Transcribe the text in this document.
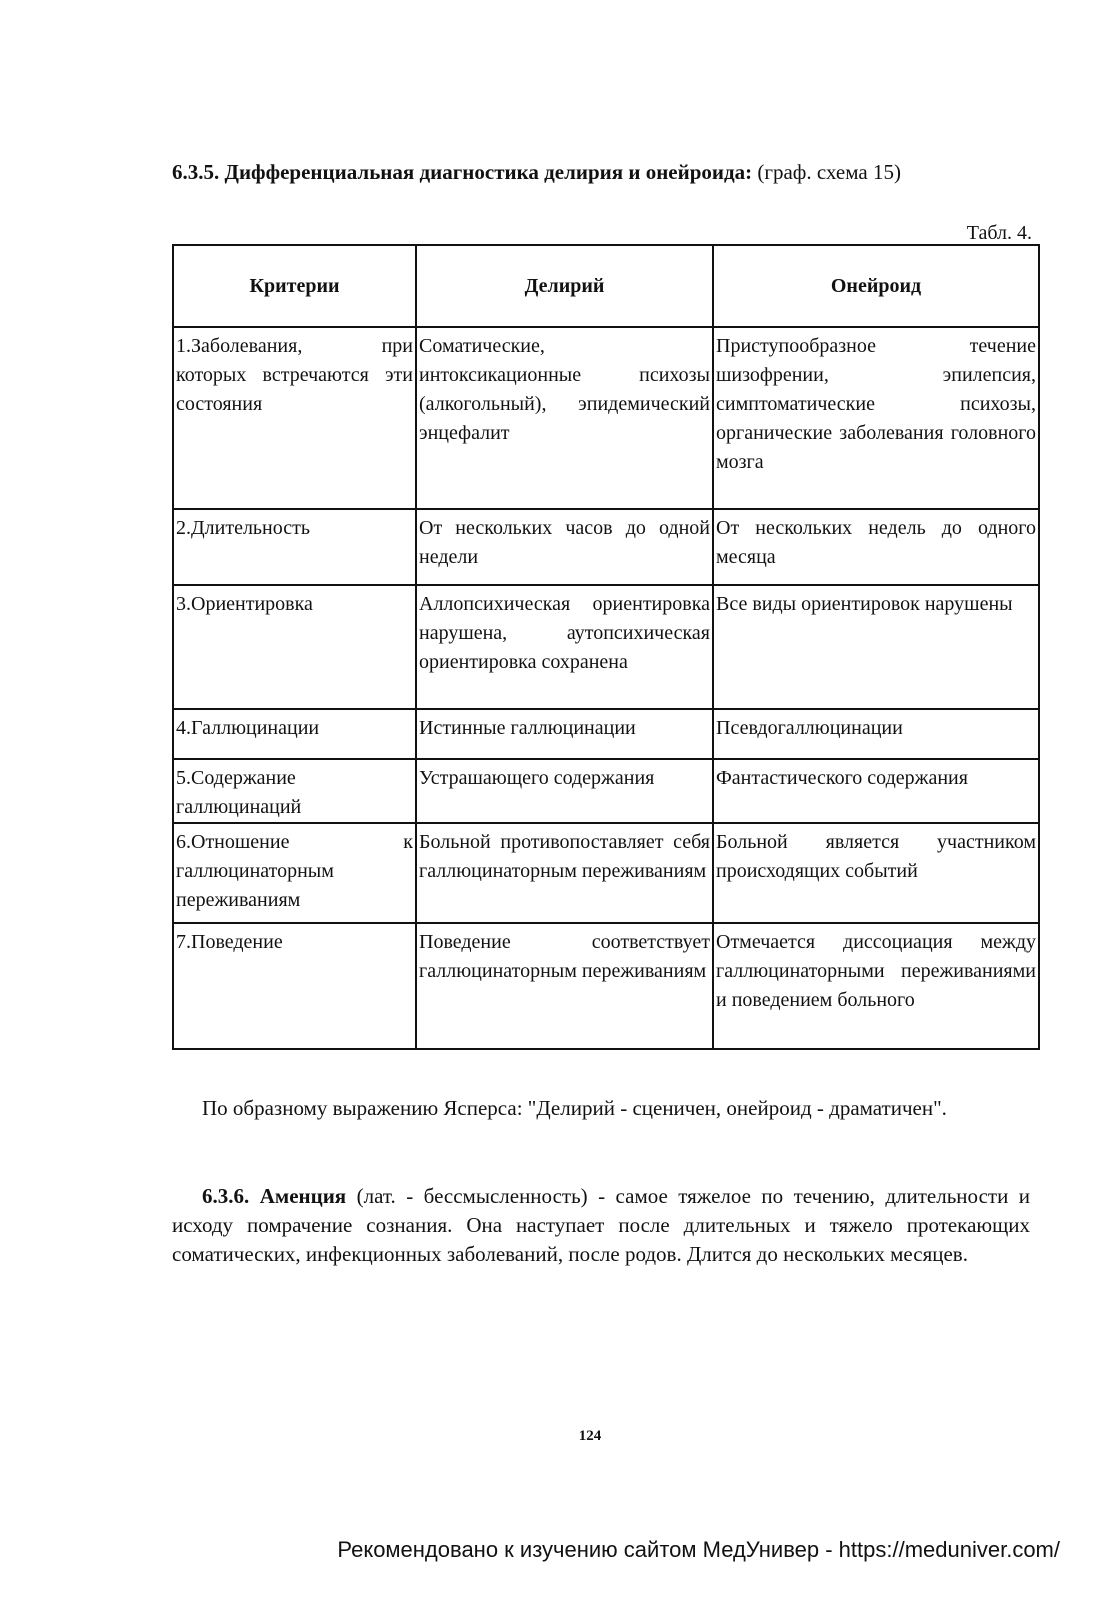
6.3.5. Дифференциальная диагностика делирия и онейроида: (граф. схема 15)
Табл. 4.
Критерии	Делирий	Онейроид

1.Заболевания, при которых встречаются эти состояния	Соматические, интоксикационные психозы (алкогольный), эпидемический энцефалит	Приступообразное течение шизофрении, эпилепсия, симптоматические психозы, органические заболевания головного мозга

2.Длительность	От нескольких часов до одной недели	От нескольких недель до одного месяца

3.Ориентировка	Аллопсихическая ориентировка нарушена, аутопсихическая ориентировка сохранена	Все виды ориентировок нарушены

4.Галлюцинации	Истинные галлюцинации	Псевдогаллюцинации

5.Содержание галлюцинаций	Устрашающего содержания	Фантастического содержания

6.Отношение к галлюцинаторным переживаниям	Больной противопоставляет себя галлюцинаторным переживаниям	Больной является участником происходящих событий

7.Поведение	Поведение соответствует галлюцинаторным переживаниям	Отмечается диссоциация между галлюцинаторными переживаниями и поведением больного
По образному выражению Ясперса: "Делирий - сценичен, онейроид - драматичен".
6.3.6. Аменция (лат. - бессмысленность) - самое тяжелое по течению, длительности и исходу помрачение сознания. Она наступает после длительных и тяжело протекающих соматических, инфекционных заболеваний, после родов. Длится до нескольких месяцев.
124
Рекомендовано к изучению сайтом МедУнивер - https://meduniver.com/
